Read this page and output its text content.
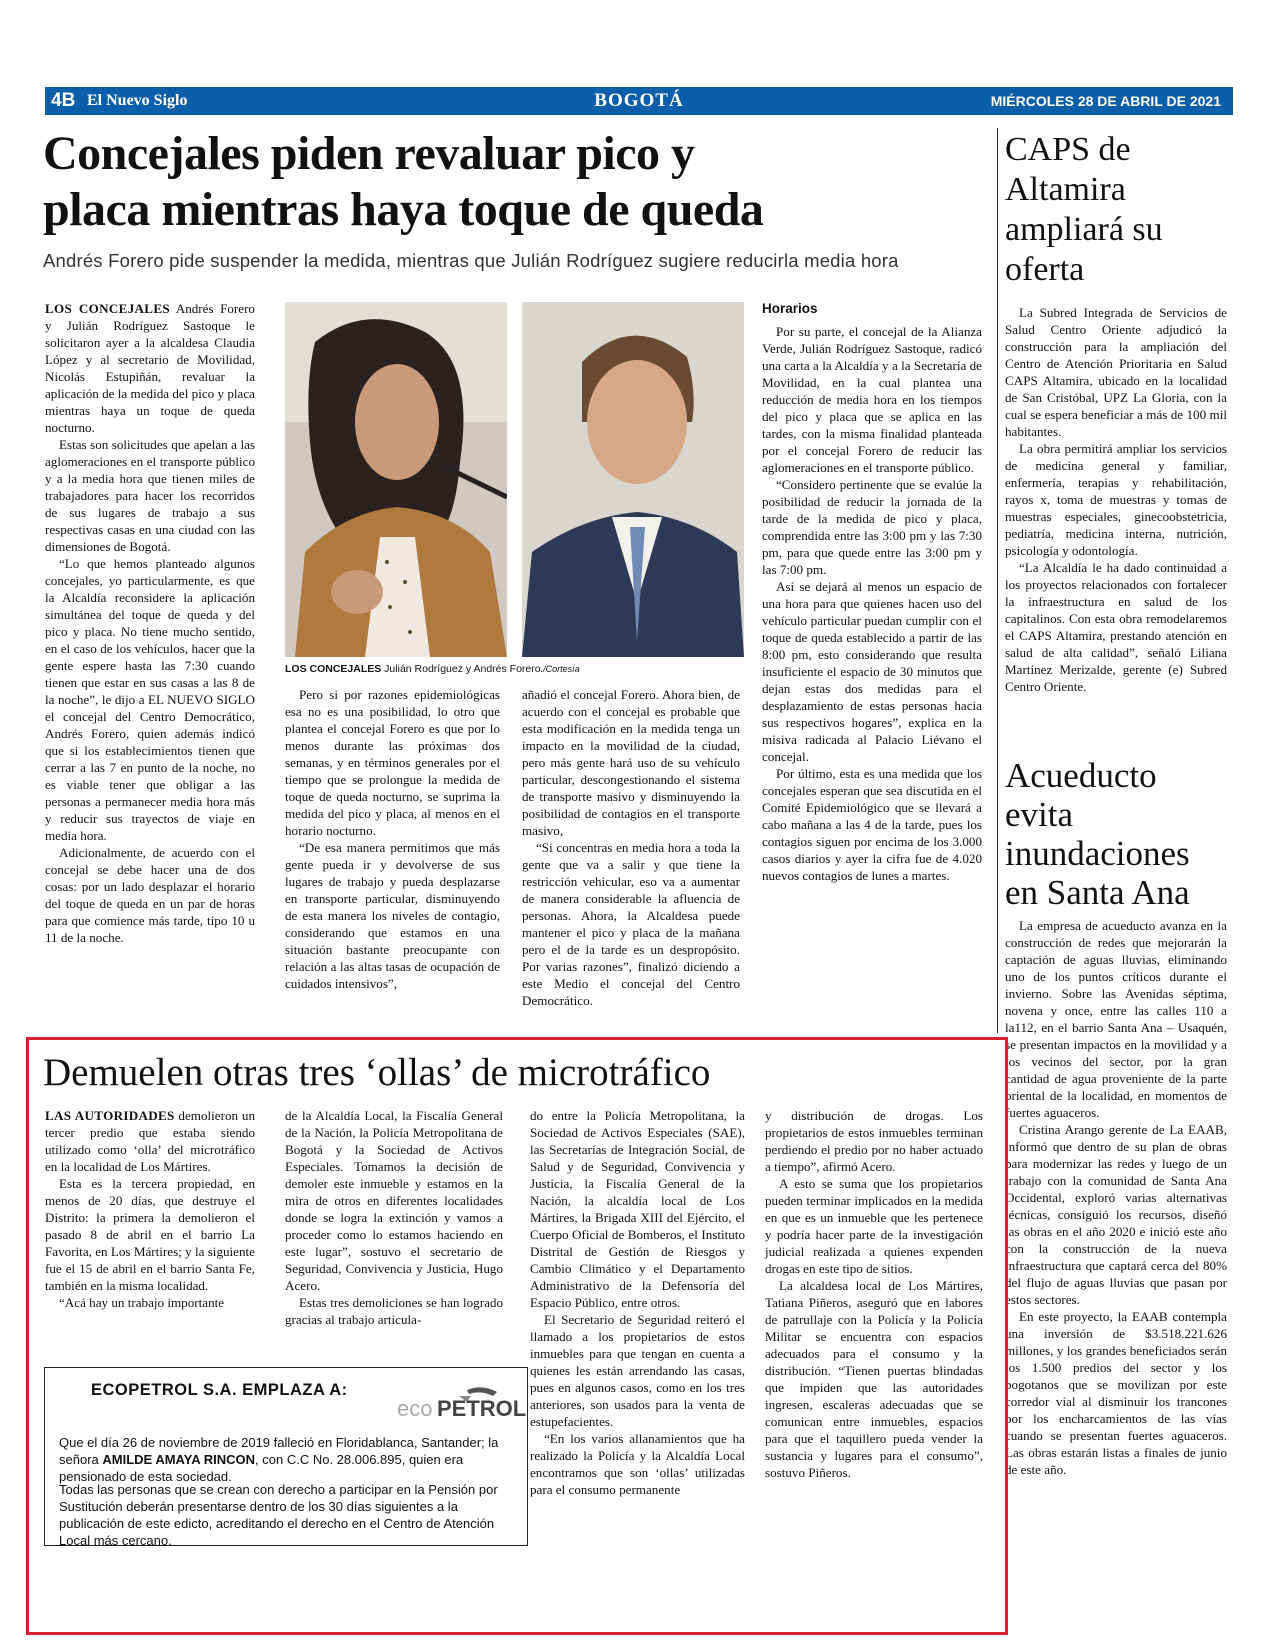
4B El Nuevo Siglo	BOGOTÁ	MIÉRCOLES 28 DE ABRIL DE 2021
Concejales piden revaluar pico y
placa mientras haya toque de queda
Andrés Forero pide suspender la medida, mientras que Julián Rodríguez sugiere reducirla media hora

LOS CONCEJALES Andrés Forero y Julián Rodríguez Sastoque le solicitaron ayer a la alcaldesa Claudia López y al secretario de Movilidad, Nicolás Estupiñán, revaluar la aplicación de la medida del pico y placa mientras haya un toque de queda nocturno.

Estas son solicitudes que apelan a las aglomeraciones en el transporte público y a la media hora que tienen miles de trabajadores para hacer los recorridos de sus lugares de trabajo a sus respectivas casas en una ciudad con las dimensiones de Bogotá.

“Lo que hemos planteado algunos concejales, yo particularmente, es que la Alcaldía reconsidere la aplicación simultánea del toque de queda y del pico y placa. No tiene mucho sentido, en el caso de los vehículos, hacer que la gente espere hasta las 7:30 cuando tienen que estar en sus casas a las 8 de la noche”, le dijo a EL NUEVO SIGLO el concejal del Centro Democrático, Andrés Forero, quien además indicó que si los establecimientos tienen que cerrar a las 7 en punto de la noche, no es viable tener que obligar a las personas a permanecer media hora más y reducir sus trayectos de viaje en media hora.

Adicionalmente, de acuerdo con el concejal se debe hacer una de dos cosas: por un lado desplazar el horario del toque de queda en un par de horas para que comience más tarde, tipo 10 u 11 de la noche.

LOS CONCEJALES Julián Rodríguez y Andrés Forero./Cortesía

Pero si por razones epidemiológicas esa no es una posibilidad, lo otro que plantea el concejal Forero es que por lo menos durante las próximas dos semanas, y en términos generales por el tiempo que se prolongue la medida de toque de queda nocturno, se suprima la medida del pico y placa, al menos en el horario nocturno.

“De esa manera permitimos que más gente pueda ir y devolverse de sus lugares de trabajo y pueda desplazarse en transporte particular, disminuyendo de esta manera los niveles de contagio, considerando que estamos en una situación bastante preocupante con relación a las altas tasas de ocupación de cuidados intensivos”,

añadió el concejal Forero. Ahora bien, de acuerdo con el concejal es probable que esta modificación en la medida tenga un impacto en la movilidad de la ciudad, pero más gente hará uso de su vehículo particular, descongestionando el sistema de transporte masivo y disminuyendo la posibilidad de contagios en el transporte masivo,

“Si concentras en media hora a toda la gente que va a salir y que tiene la restricción vehicular, eso va a aumentar de manera considerable la afluencia de personas. Ahora, la Alcaldesa puede mantener el pico y placa de la mañana pero el de la tarde es un despropósito. Por varias razones”, finalizó diciendo a este Medio el concejal del Centro Democrático.

Horarios

Por su parte, el concejal de la Alianza Verde, Julián Rodríguez Sastoque, radicó una carta a la Alcaldía y a la Secretaría de Movilidad, en la cual plantea una reducción de media hora en los tiempos del pico y placa que se aplica en las tardes, con la misma finalidad planteada por el concejal Forero de reducir las aglomeraciones en el transporte público.

“Considero pertinente que se evalúe la posibilidad de reducir la jornada de la tarde de la medida de pico y placa, comprendida entre las 3:00 pm y las 7:30 pm, para que quede entre las 3:00 pm y las 7:00 pm.

Así se dejará al menos un espacio de una hora para que quienes hacen uso del vehículo particular puedan cumplir con el toque de queda establecido a partir de las 8:00 pm, esto considerando que resulta insuficiente el espacio de 30 minutos que dejan estas dos medidas para el desplazamiento de estas personas hacia sus respectivos hogares”, explica en la misiva radicada al Palacio Liévano el concejal.

Por último, esta es una medida que los concejales esperan que sea discutida en el Comité Epidemiológico que se llevará a cabo mañana a las 4 de la tarde, pues los contagios siguen por encima de los 3.000 casos diarios y ayer la cifra fue de 4.020 nuevos contagios de lunes a martes.

CAPS de Altamira ampliará su oferta

La Subred Integrada de Servicios de Salud Centro Oriente adjudicó la construcción para la ampliación del Centro de Atención Prioritaria en Salud CAPS Altamira, ubicado en la localidad de San Cristóbal, UPZ La Gloria, con la cual se espera beneficiar a más de 100 mil habitantes.

La obra permitirá ampliar los servicios de medicina general y familiar, enfermería, terapias y rehabilitación, rayos x, toma de muestras y tomas de muestras especiales, ginecoobstetricia, pediatría, medicina interna, nutrición, psicología y odontología.

“La Alcaldía le ha dado continuidad a los proyectos relacionados con fortalecer la infraestructura en salud de los capitalinos. Con esta obra remodelaremos el CAPS Altamira, prestando atención en salud de alta calidad”, señaló Liliana Martínez Merizalde, gerente (e) Subred Centro Oriente.

Acueducto evita inundaciones en Santa Ana

La empresa de acueducto avanza en la construcción de redes que mejorarán la captación de aguas lluvias, eliminando uno de los puntos críticos durante el invierno. Sobre las Avenidas séptima, novena y once, entre las calles 110 a la112, en el barrio Santa Ana – Usaquén, se presentan impactos en la movilidad y a los vecinos del sector, por la gran cantidad de agua proveniente de la parte oriental de la localidad, en momentos de fuertes aguaceros.

Cristina Arango gerente de La EAAB, informó que dentro de su plan de obras para modernizar las redes y luego de un trabajo con la comunidad de Santa Ana Occidental, exploró varias alternativas técnicas, consiguió los recursos, diseñó las obras en el año 2020 e inició este año con la construcción de la nueva infraestructura que captará cerca del 80% del flujo de aguas lluvias que pasan por estos sectores.

En este proyecto, la EAAB contempla una inversión de $3.518.221.626 millones, y los grandes beneficiados serán los 1.500 predios del sector y los bogotanos que se movilizan por este corredor vial al disminuir los trancones por los encharcamientos de las vías cuando se presentan fuertes aguaceros. Las obras estarán listas a finales de junio de este año.

Demuelen otras tres ‘ollas’ de microtráfico

LAS AUTORIDADES demolieron un tercer predio que estaba siendo utilizado como ‘olla’ del microtráfico en la localidad de Los Mártires.

Esta es la tercera propiedad, en menos de 20 días, que destruye el Distrito: la primera la demolieron el pasado 8 de abril en el barrio La Favorita, en Los Mártires; y la siguiente fue el 15 de abril en el barrio Santa Fe, también en la misma localidad.

“Acá hay un trabajo importante

de la Alcaldía Local, la Fiscalía General de la Nación, la Policía Metropolitana de Bogotá y la Sociedad de Activos Especiales. Tomamos la decisión de demoler este inmueble y estamos en la mira de otros en diferentes localidades donde se logra la extinción y vamos a proceder como lo estamos haciendo en este lugar”, sostuvo el secretario de Seguridad, Convivencia y Justicia, Hugo Acero.

Estas tres demoliciones se han logrado gracias al trabajo articula-

do entre la Policía Metropolitana, la Sociedad de Activos Especiales (SAE), las Secretarías de Integración Social, de Salud y de Seguridad, Convivencia y Justicia, la Fiscalía General de la Nación, la alcaldía local de Los Mártires, la Brigada XIII del Ejército, el Cuerpo Oficial de Bomberos, el Instituto Distrital de Gestión de Riesgos y Cambio Climático y el Departamento Administrativo de la Defensoría del Espacio Público, entre otros.

El Secretario de Seguridad reiteró el llamado a los propietarios de estos inmuebles para que tengan en cuenta a quienes les están arrendando las casas, pues en algunos casos, como en los tres anteriores, son usados para la venta de estupefacientes.

“En los varios allanamientos que ha realizado la Policía y la Alcaldía Local encontramos que son ‘ollas’ utilizadas para el consumo permanente

y distribución de drogas. Los propietarios de estos inmuebles terminan perdiendo el predio por no haber actuado a tiempo”, afirmó Acero.

A esto se suma que los propietarios pueden terminar implicados en la medida en que es un inmueble que les pertenece y podría hacer parte de la investigación judicial realizada a quienes expenden drogas en este tipo de sitios.

La alcaldesa local de Los Mártires, Tatiana Piñeros, aseguró que en labores de patrullaje con la Policía y la Policía Militar se encuentra con espacios adecuados para el consumo y la distribución. “Tienen puertas blindadas que impiden que las autoridades ingresen, escaleras adecuadas que se comunican entre inmuebles, espacios para que el taquillero pueda vender la sustancia y lugares para el consumo”, sostuvo Piñeros.

ECOPETROL S.A. EMPLAZA A:
eco PETROL
Que el día 26 de noviembre de 2019 falleció en Floridablanca, Santander; la señora AMILDE AMAYA RINCON, con C.C No. 28.006.895, quien era pensionado de esta sociedad.
Todas las personas que se crean con derecho a participar en la Pensión por Sustitución deberán presentarse dentro de los 30 días siguientes a la publicación de este edicto, acreditando el derecho en el Centro de Atención Local más cercano.
